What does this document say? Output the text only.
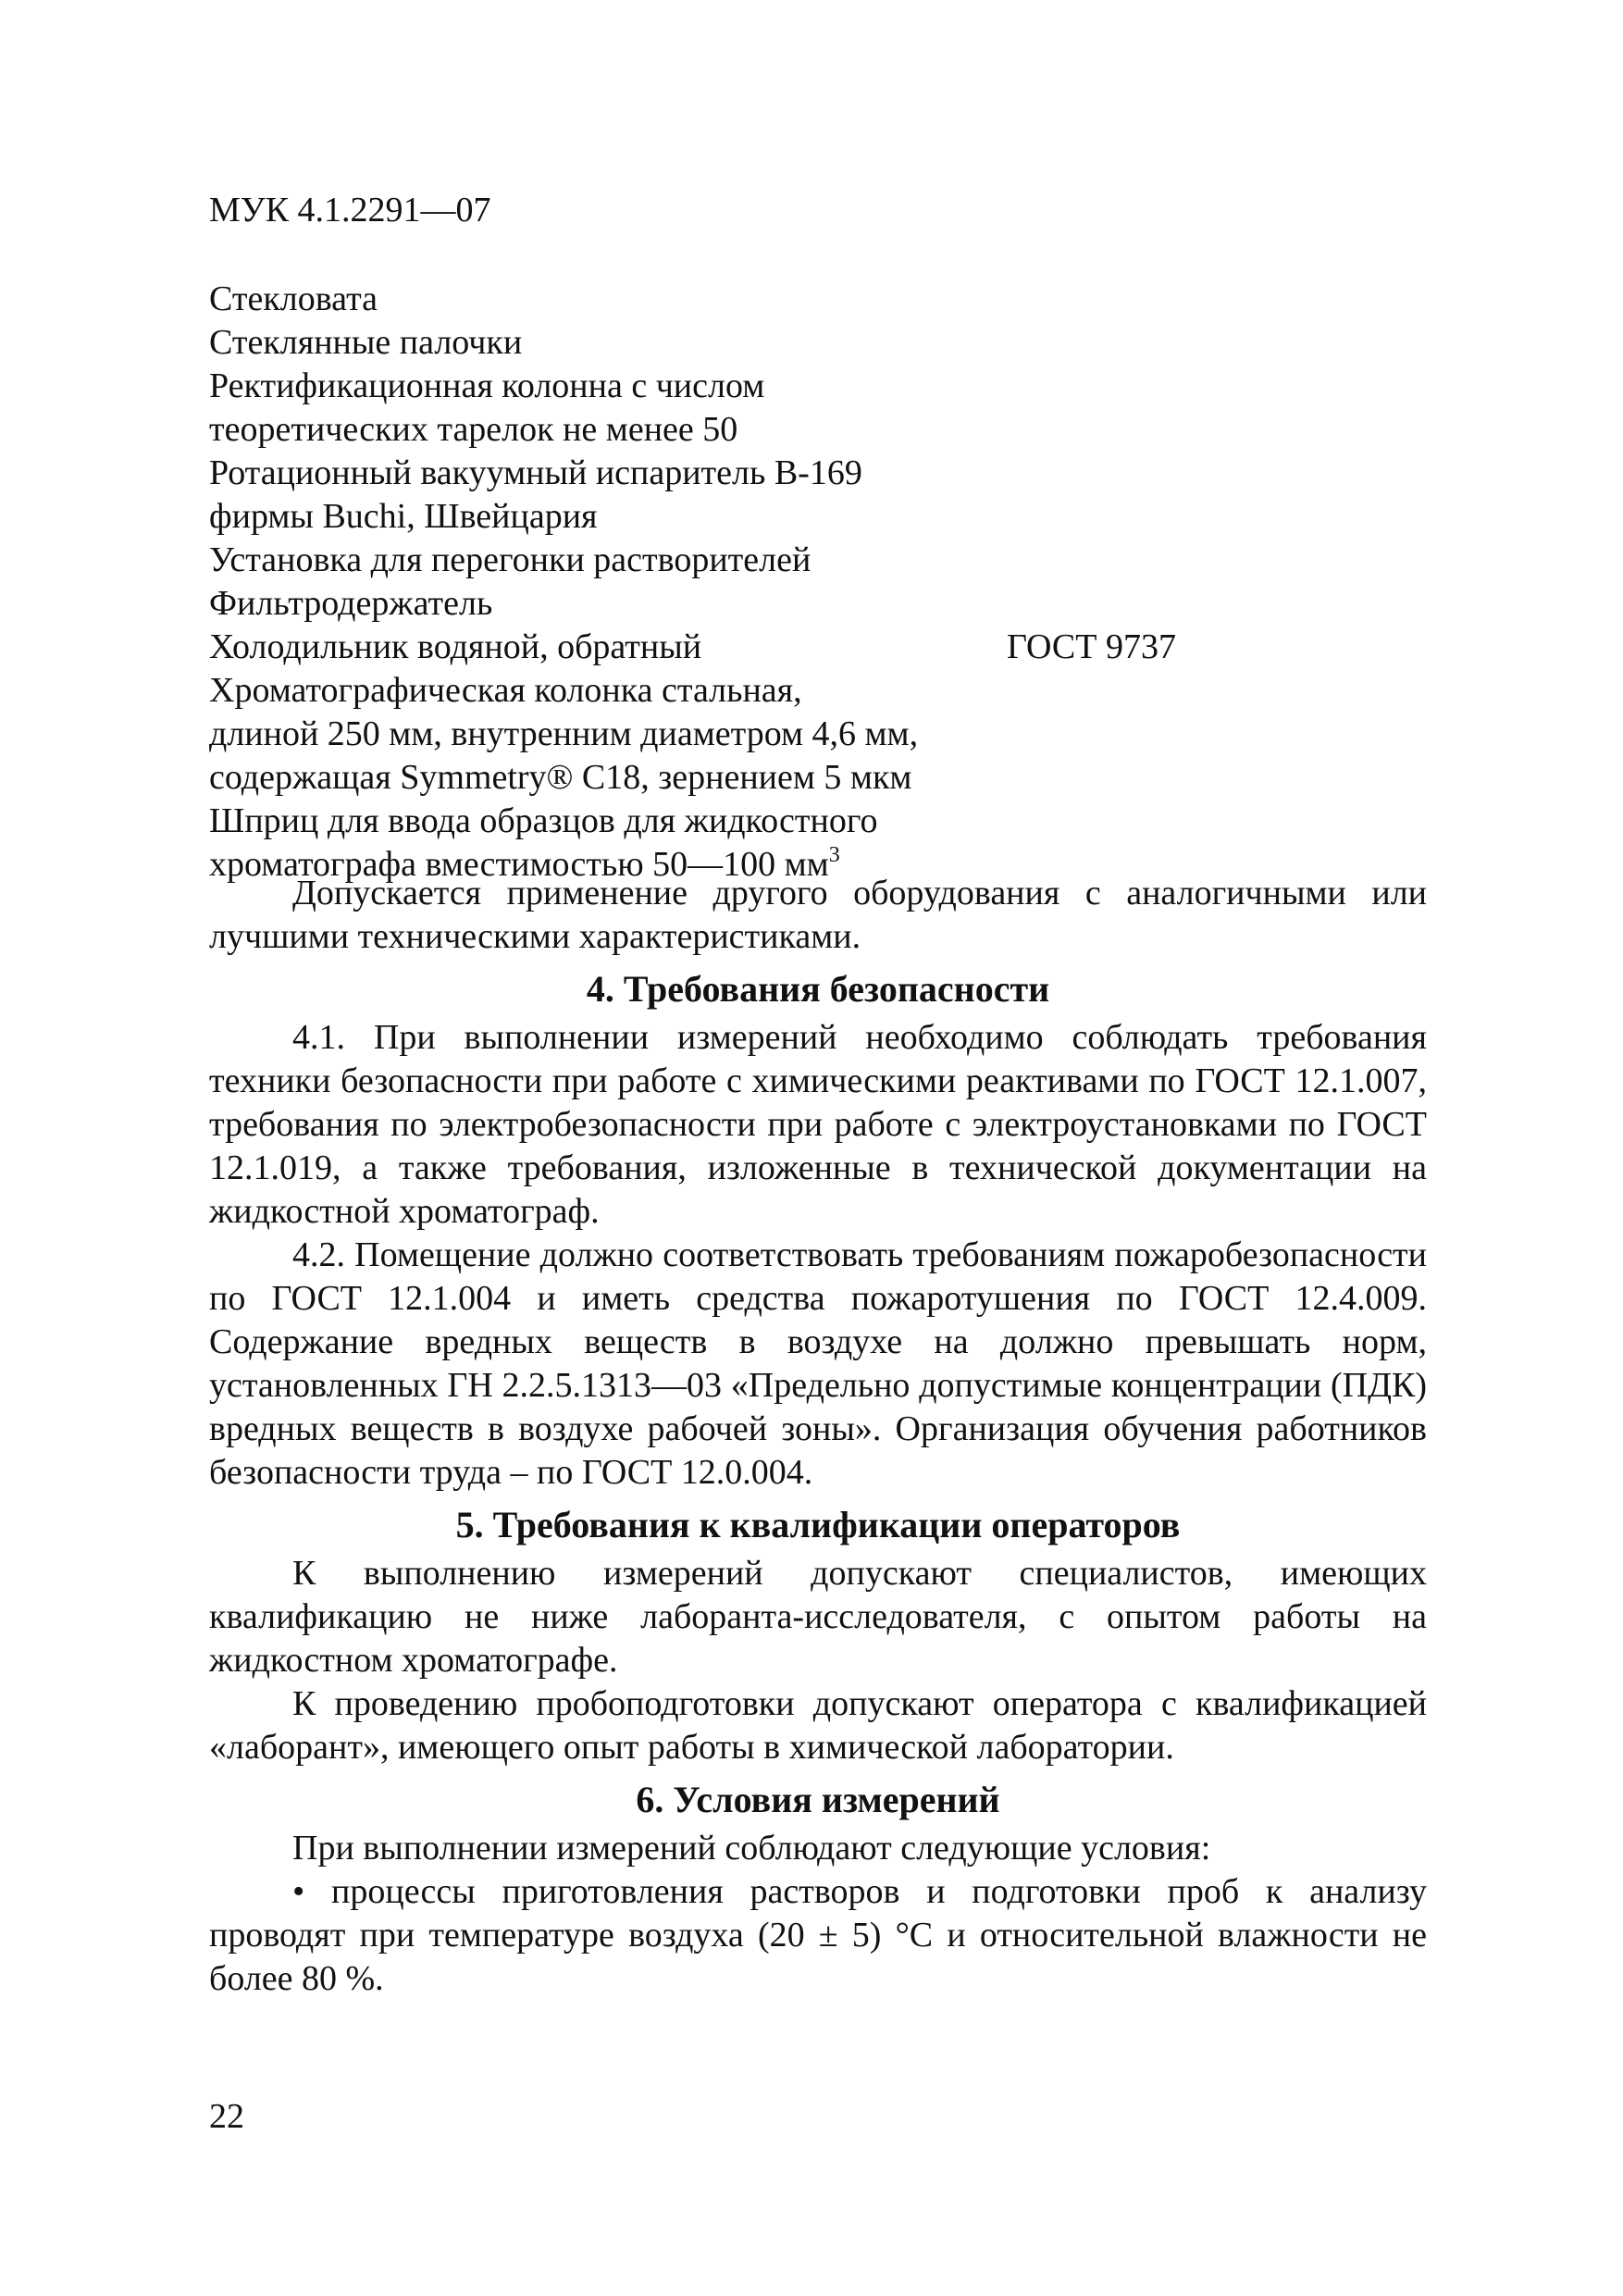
МУК 4.1.2291—07
Стекловата
Стеклянные палочки
Ректификационная колонна с числом
теоретических тарелок не менее 50
Ротационный вакуумный испаритель В-169
фирмы Buchi, Швейцария
Установка для перегонки растворителей
Фильтродержатель
Холодильник водяной, обратный	ГОСТ 9737
Хроматографическая колонка стальная,
длиной 250 мм, внутренним диаметром 4,6 мм,
содержащая Symmetry® C18, зернением 5 мкм
Шприц для ввода образцов для жидкостного
хроматографа вместимостью 50—100 $мм^3$

Допускается применение другого оборудования с аналогичными или лучшими техническими характеристиками.

4. Требования безопасности

4.1. При выполнении измерений необходимо соблюдать требования техники безопасности при работе с химическими реактивами по ГОСТ 12.1.007, требования по электробезопасности при работе с электроустановками по ГОСТ 12.1.019, а также требования, изложенные в технической документации на жидкостной хроматограф.

4.2. Помещение должно соответствовать требованиям пожаробезопасности по ГОСТ 12.1.004 и иметь средства пожаротушения по ГОСТ 12.4.009. Содержание вредных веществ в воздухе на должно превышать норм, установленных ГН 2.2.5.1313—03 «Предельно допустимые концентрации (ПДК) вредных веществ в воздухе рабочей зоны». Организация обучения работников безопасности труда – по ГОСТ 12.0.004.

5. Требования к квалификации операторов

К выполнению измерений допускают специалистов, имеющих квалификацию не ниже лаборанта-исследователя, с опытом работы на жидкостном хроматографе.

К проведению пробоподготовки допускают оператора с квалификацией «лаборант», имеющего опыт работы в химической лаборатории.

6. Условия измерений

При выполнении измерений соблюдают следующие условия:

• процессы приготовления растворов и подготовки проб к анализу проводят при температуре воздуха (20 ± 5) °С и относительной влажности не более 80 %.

22
